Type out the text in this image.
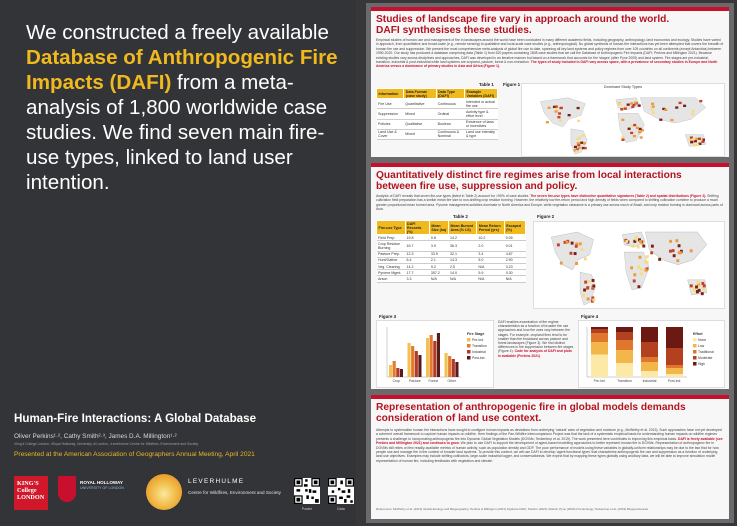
We constructed a freely available Database of Anthropogenic Fire Impacts (DAFI) from a meta-analysis of 1,800 worldwide case studies. We find seven main fire-use types, linked to land user intention.
Human-Fire Interactions: A Global Database
Oliver Perkins¹·², Cathy Smith²·³, James D.A. Millington¹·²
¹King's College London, ²Royal Holloway, University of London, ³Leverhulme Centre for Wildfires, Environment and Society
Presented at the American Association of Geographers Annual Meeting, April 2021
KING'S College LONDON
ROYAL HOLLOWAY
UNIVERSITY OF LONDON
LEVERHULME
Centre for Wildfires, Environment and Society
Poster	Data
Studies of landscape fire vary in approach around the world.
DAFI synthesises these studies.
Empirical studies of human use and management of fire in landscapes around the world have been conducted in many different academic fields, including geography, anthropology, land economics and ecology. Studies have varied in approach, from quantitative and broad-scale (e.g., remote sensing) to qualitative and local-scale case studies (e.g., anthropological). No global synthesis of human-fire interactions has yet been attempted that covers the breadth of human fire use and suppression. We present the most comprehensive meta-analysis of global fire use to date, spanning all key land systems and policy regimes from over 105 countries on all continents (except Antarctica) between 1990-2020. Our study has produced a database comprising data (Table 1) from 520 papers containing 1808 case studies that we call the Database of Anthropogenic Fire Impacts (DAFI; Perkins and Millington 2021). Because existing studies vary across disciplines and approaches, DAFI was developed in an iterative manner but based on a framework that accounts for fire 'stages' (after Pyne 2009) and land system. Fire stages are pre-industrial, transition, industrial & post-industrial while land systems are cropland, pasture, forest & non-extraction. The types of study included in DAFI vary across space, with a prevalence of secondary studies in Europe and North America versus a dominance of primary studies in Asia and Africa (Figure 1).
Table 1
Information	Data Format (case study)	Data Type (DAFI)	Example Variables (DAFI)
Fire Use	Quantitative	Continuous	Intended or actual fire use
Suppression	Mixed	Ordinal	Activity type & effort level
Policies	Qualitative	Boolean	Existence of laws or incentives
Land Use & Cover	Mixed	Continuous & Nominal	Land use intensity & type
Figure 1	Dominant Study Types
Quantitatively distinct fire regimes arise from local interactions
between fire use, suppression and policy.
Analysis of DAFI reveals that seven fire-use types (listed in Table 2) account for >90% of case studies. The seven fire-use types have distinctive quantitative signatures (Table 2) and spatial distributions (Figure 2). Shifting cultivation field preparation has a similar mean fire size to non-shifting crop residue burning. However, the relatively low fire-return period and high density of fields when compared to shifting cultivation combine to produce a much greater proportional mean burned area. Pyrome management activities dominate in North America and Europe, while vegetation clearance is a primary use across much of Brazil, and crop residue burning is dominant across parts of Asia.
Table 2
Fire-use Type	DAFI Records (%)	Mean Size (ha)	Mean Burned Area (% LS)	Mean Return Period (yrs)	Escaped (%)
Field Prep.	19.8	0.8	14.2	10.2	0.05
Crop Residue Burning	16.7	3.9	36.3	2.0	0.01
Pasture Prep.	12.3	33.9	32.1	3.4	4.87
Hunt/Gather	6.4	2.1	14.3	5.0	2.90
Veg. Clearing	14.2	9.2	2.5	N/A	3.23
Pyrome Mgmt.	17.7	357.2	14.0	5.9	0.30
Arson	3.3	N/A	N/A	N/A	N/A
Figure 2
Figure 3
Crop	Pasture Forest	Other
Fire Stage
Pre-ind.
Transition
Industrial
Post-ind.
DAFI enables examination of fire regime characteristics as a function of broader fire use approaches and how fire uses vary between fire stages. For example, cropland fires tend to be smaller than fire broadcast across pasture and forest landscapes (Figure 3). We find distinct differences in fire suppression between fire stages (Figure 4). Code for analysis of DAFI and plots is available (Perkins 2021)
Figure 4
Pre-ind.	Transition	Industrial	Post-ind.
Effort
None
Low
Traditional
Moderate
High
Representation of anthropogenic fire in global models demands
consideration of land use context.
Attempts to systematise human fire interactions have sought to configure human impacts as deviations from underlying 'natural' axes of vegetation and moisture (e.g., McWethy et al. 2013). Such approaches have not yet developed a coherent overall framework to capture human impacts on wildfire. Here findings of the Pan-Wildfire Intercomparison Project was that the lack of a systematic empirical basis for understanding human impacts on wildfire regimes presents a challenge to incorporating anthropogenic fire into Dynamic Global Vegetation Models (DGVMs; Teckentrup et al. 2019). The work presented here contributes to improving this empirical basis. DAFI is freely available (see Perkins and Millington 2021) and continues to grow. We plan to use DAFI to support the development of agent-based modelling approaches to better represent human fire in DGVMs. Representation of anthropogenic fire in DGVMs still relies on few readily-available metrics of human activity, such as population density and GDP. The poor performance of models using these variables in globally-uniform relationships may be due to the fact that for how people use and manage fire in the context of broader land systems. To provide this context, we will use DAFI to develop 'agent functional types' that characterise anthropogenic fire use and suppression as a function of underlying land use objectives. Examples may include shifting cultivators, large-scale industrial logger, and conservationists. We expect that by mapping these types globally using ancillary data, we will be able to improve simulation model representation of human fire, including feedbacks with vegetation and climate.
References: McWethy et al. (2013) Global Ecology and Biogeography; Perkins & Millington (2021) Figshare DAFI; Perkins (2021) GitHub; Pyne (2009) Fire Ecology; Teckentrup et al. (2019) Biogeosciences.
